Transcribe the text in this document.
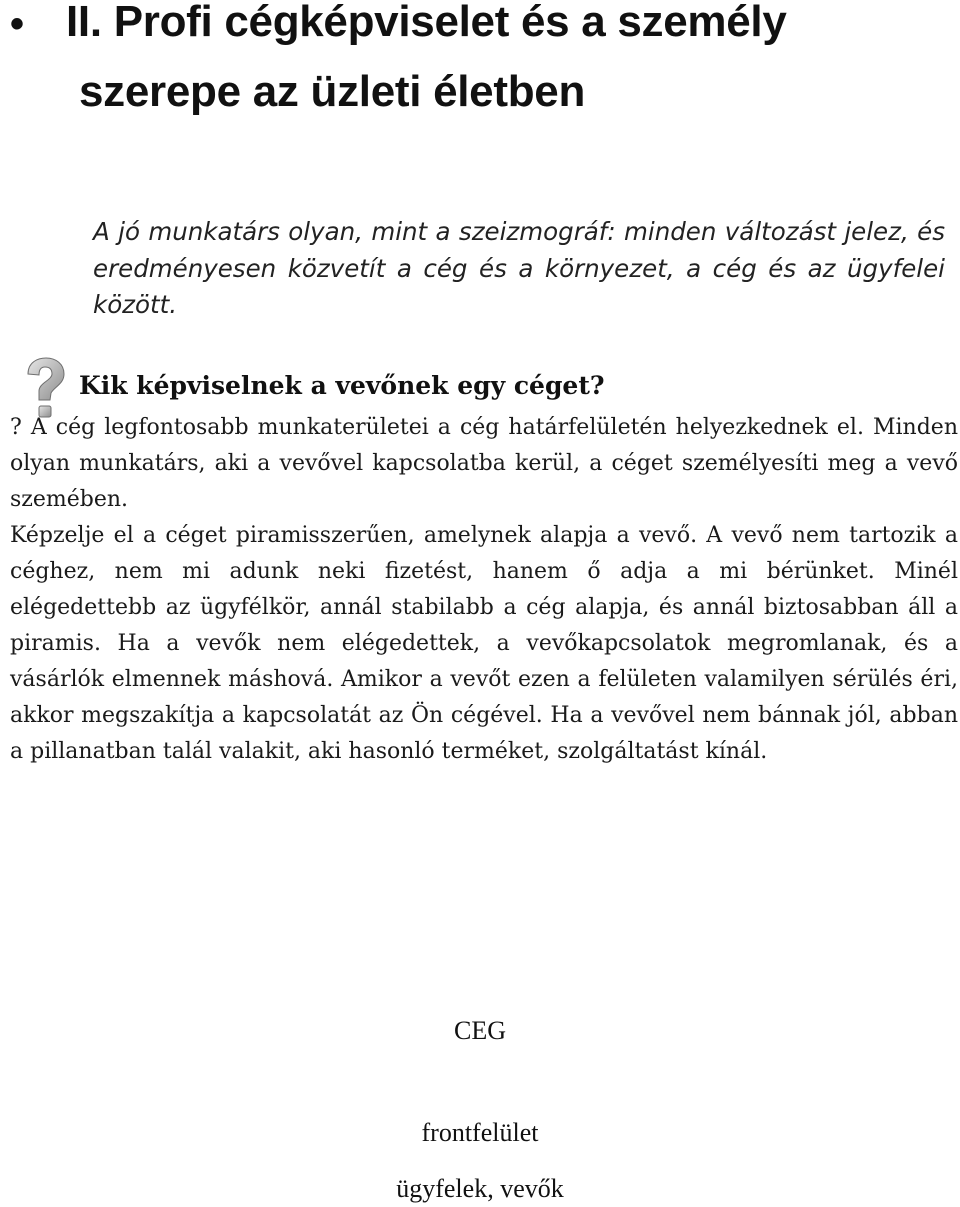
• II. Profi cégképviselet és a személy
szerepe az üzleti életben
A jó munkatárs olyan, mint a szeizmográf: minden változást jelez, és eredményesen közvetít a cég és a környezet, a cég és az ügyfelei között.
Kik képviselnek a vevőnek egy céget?

? A cég legfontosabb munkaterületei a cég határfelületén helyezkednek el. Minden olyan munkatárs, aki a vevővel kapcsolatba kerül, a céget személyesíti meg a vevő szemében.

Képzelje el a céget piramisszerűen, amelynek alapja a vevő. A vevő nem tartozik a céghez, nem mi adunk neki fizetést, hanem ő adja a mi bérünket. Minél elégedettebb az ügyfélkör, annál stabilabb a cég alapja, és annál biztosabban áll a piramis. Ha a vevők nem elégedettek, a vevőkapcsolatok megromlanak, és a vásárlók elmennek máshová. Amikor a vevőt ezen a felületen valamilyen sérülés éri, akkor megszakítja a kapcsolatát az Ön cégével. Ha a vevővel nem bánnak jól, abban a pillanatban talál valakit, aki hasonló terméket, szolgáltatást kínál.

CEG
frontfelület
ügyfelek, vevők
